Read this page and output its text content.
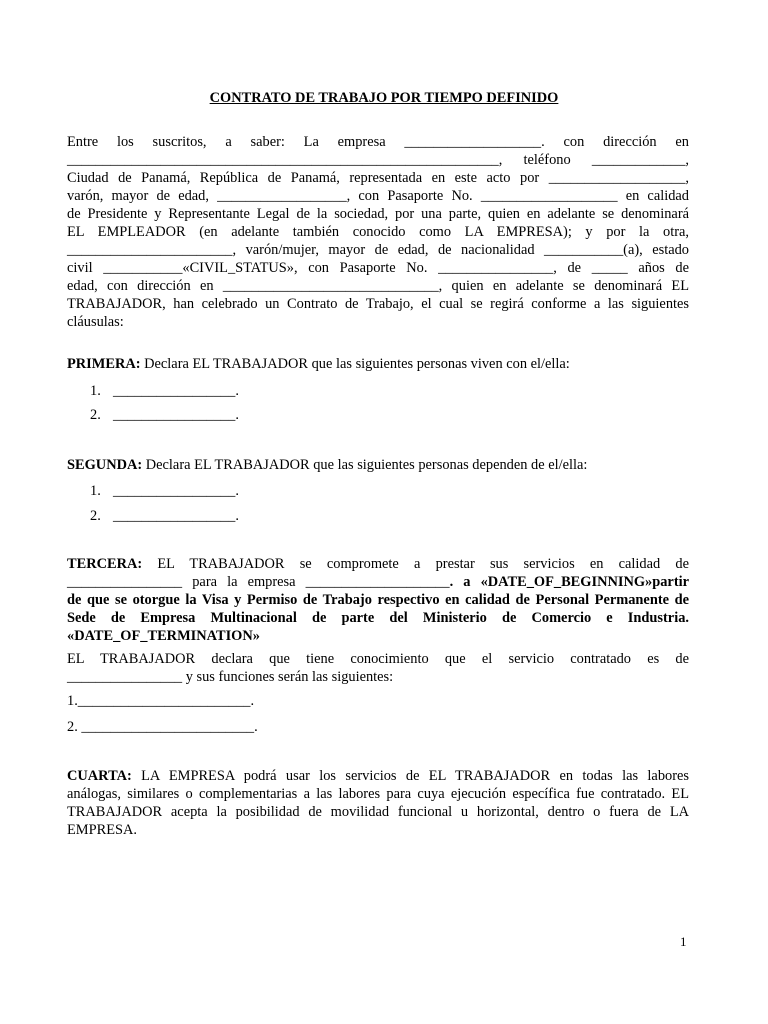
CONTRATO DE TRABAJO POR TIEMPO DEFINIDO

Entre los suscritos, a saber: La empresa ___________________. con dirección en

____________________________________________________________, teléfono _____________,

Ciudad de Panamá, República de Panamá, representada en este acto por ___________________,

varón, mayor de edad, __________________, con Pasaporte No. ___________________ en calidad

de Presidente y Representante Legal de la sociedad, por una parte, quien en adelante se denominará

EL EMPLEADOR (en adelante también conocido como LA EMPRESA); y por la otra,

_______________________, varón/mujer, mayor de edad, de nacionalidad ___________(a), estado

civil ___________«CIVIL_STATUS», con Pasaporte No. ________________, de _____ años de

edad, con dirección en ______________________________, quien en adelante se denominará EL

TRABAJADOR, han celebrado un Contrato de Trabajo, el cual se regirá conforme a las siguientes

cláusulas:

PRIMERA: Declara EL TRABAJADOR que las siguientes personas viven con el/ella:

1. _________________.
2. _________________.

SEGUNDA: Declara EL TRABAJADOR que las siguientes personas dependen de el/ella:

1. _________________.
2. _________________.

TERCERA: EL TRABAJADOR se compromete a prestar sus servicios en calidad de

________________ para la empresa ____________________. a «DATE_OF_BEGINNING»partir

de que se otorgue la Visa y Permiso de Trabajo respectivo en calidad de Personal Permanente de

Sede de Empresa Multinacional de parte del Ministerio de Comercio e Industria.

«DATE_OF_TERMINATION»

EL TRABAJADOR declara que tiene conocimiento que el servicio contratado es de

________________ y sus funciones serán las siguientes:

1.________________________.

2. ________________________.

CUARTA: LA EMPRESA podrá usar los servicios de EL TRABAJADOR en todas las labores

análogas, similares o complementarias a las labores para cuya ejecución específica fue contratado. EL

TRABAJADOR acepta la posibilidad de movilidad funcional u horizontal, dentro o fuera de LA

EMPRESA.

1
